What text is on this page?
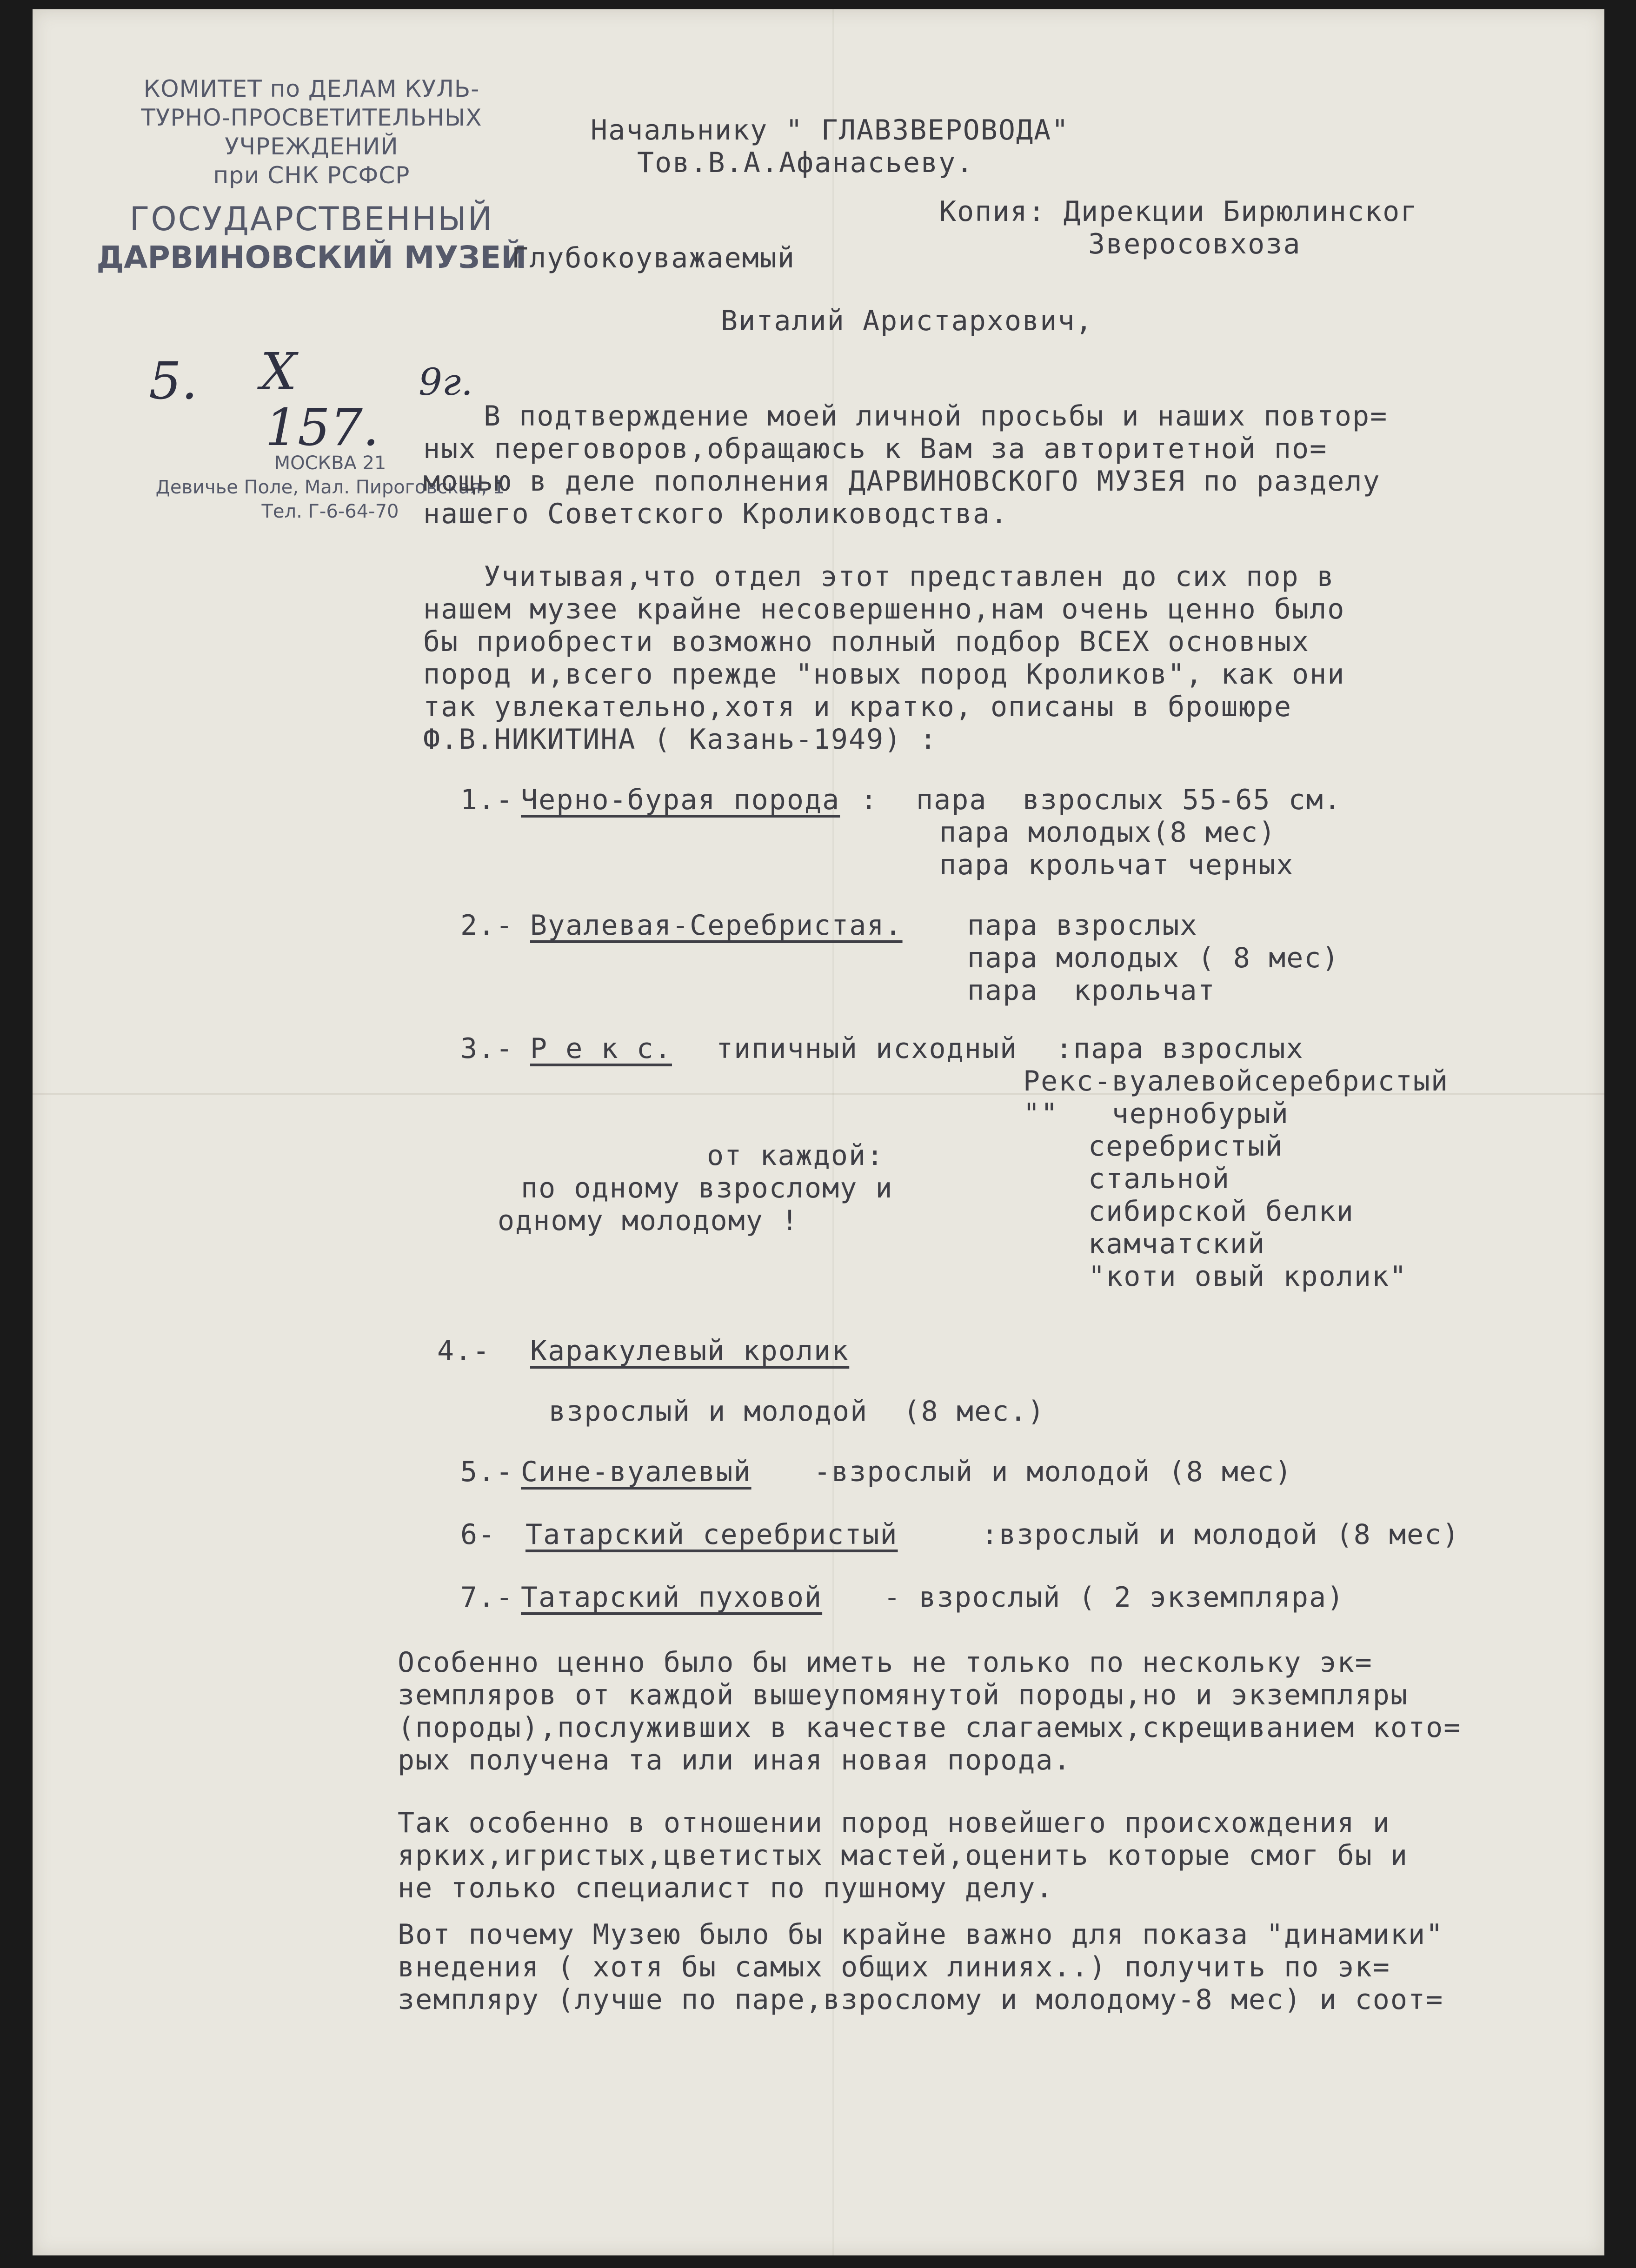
КОМИТЕТ по ДЕЛАМ КУЛЬ-
ТУРНО-ПРОСВЕТИТЕЛЬНЫХ
УЧРЕЖДЕНИЙ
при СНК РСФСР
ГОСУДАРСТВЕННЫЙ
ДАРВИНОВСКИЙ МУЗЕЙ
5. X
157.
9г.
МОСКВА 21
Девичье Поле, Мал. Пироговская, 1
Тел. Г-6-64-70
Начальнику " ГЛАВЗВЕРОВОДА"
Тов.В.А.Афанасьеву.
Копия: Дирекции Бирюлинског
Зверосовхоза
Глубокоуважаемый
Виталий Аристархович,
В подтверждение моей личной просьбы и наших повтор=
ных переговоров,обращаюсь к Вам за авторитетной по=
мощью в деле пополнения ДАРВИНОВСКОГО МУЗЕЯ по разделу
нашего Советского Кролиководства.
Учитывая,что отдел этот представлен до сих пор в
нашем музее крайне несовершенно,нам очень ценно было
бы приобрести возможно полный подбор ВСЕХ основных
пород и,всего прежде "новых пород Кроликов", как они
так увлекательно,хотя и кратко, описаны в брошюре
Ф.В.НИКИТИНА ( Казань-1949) :
1.- Черно-бурая порода : пара  взрослых 55-65 см.
пара молодых(8 мес)
пара крольчат черных
2.- Вуалевая-Серебристая. пара взрослых
пара молодых ( 8 мес)
пара  крольчат
3.- Р е к с. типичный исходный :пара взрослых
Рекс-вуалевойсеребристый
""   чернобурый
серебристый
стальной
сибирской белки
камчатский
"коти овый кролик"
от каждой:
по одному взрослому и
одному молодому !
4.- Каракулевый кролик
взрослый и молодой  (8 мес.)
5.- Сине-вуалевый -взрослый и молодой (8 мес)
6- Татарский серебристый	:взрослый и молодой (8 мес)
7.- Татарский пуховой - взрослый ( 2 экземпляра)
Особенно ценно было бы иметь не только по нескольку эк=
земпляров от каждой вышеупомянутой породы,но и экземпляры
(породы),послуживших в качестве слагаемых,скрещиванием кото=
рых получена та или иная новая порода.
Так особенно в отношении пород новейшего происхождения и
ярких,игристых,цветистых мастей,оценить которые смог бы и
не только специалист по пушному делу.
Вот почему Музею было бы крайне важно для показа "динамики"
внедения ( хотя бы самых общих линиях..) получить по эк=
земпляру (лучше по паре,взрослому и молодому-8 мес) и соот=
